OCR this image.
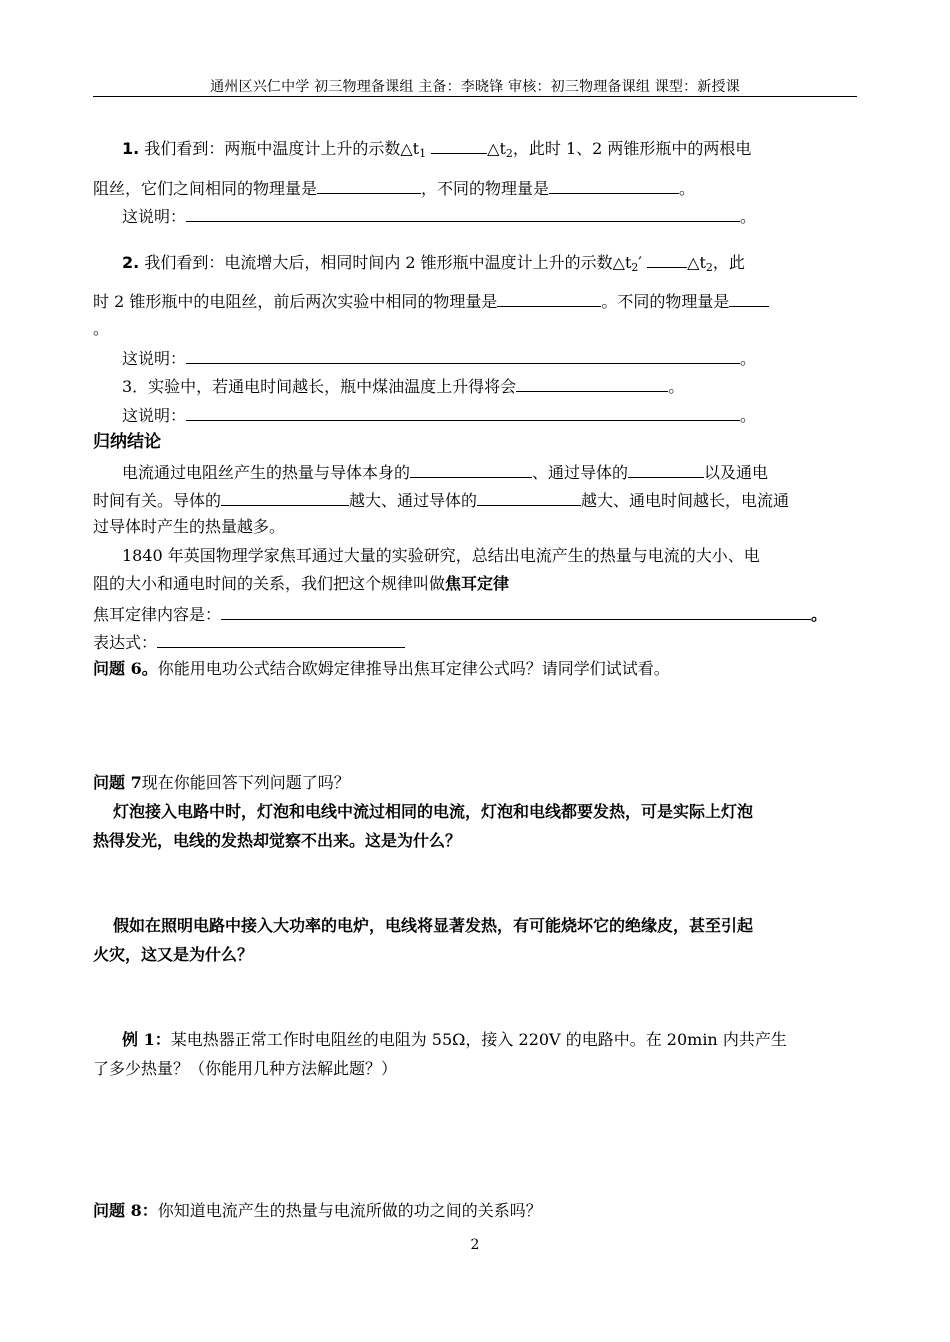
通州区兴仁中学 初三物理备课组 主备：李晓锋 审核：初三物理备课组 课型：新授课
1. 我们看到：两瓶中温度计上升的示数$\triangle t_1$	$\triangle t_2$，此时 1、2 两锥形瓶中的两根电
阻丝，它们之间相同的物理量是	，不同的物理量是	。
这说明：	。
2. 我们看到：电流增大后，相同时间内 2 锥形瓶中温度计上升的示数$\triangle t_2'$	$\triangle t_2$，此
时 2 锥形瓶中的电阻丝，前后两次实验中相同的物理量是	。不同的物理量是
。
这说明：	。
3．实验中，若通电时间越长，瓶中煤油温度上升得将会	。
这说明：	。
归纳结论
电流通过电阻丝产生的热量与导体本身的	、通过导体的	以及通电
时间有关。导体的	越大、通过导体的	越大、通电时间越长，电流通
过导体时产生的热量越多。
1840 年英国物理学家焦耳通过大量的实验研究，总结出电流产生的热量与电流的大小、电
阻的大小和通电时间的关系，我们把这个规律叫做焦耳定律
焦耳定律内容是：	。
表达式：
问题 6。你能用电功公式结合欧姆定律推导出焦耳定律公式吗？请同学们试试看。
问题 7现在你能回答下列问题了吗？
灯泡接入电路中时，灯泡和电线中流过相同的电流，灯泡和电线都要发热，可是实际上灯泡
热得发光，电线的发热却觉察不出来。这是为什么？
假如在照明电路中接入大功率的电炉，电线将显著发热，有可能烧坏它的绝缘皮，甚至引起
火灾，这又是为什么？
例 1：某电热器正常工作时电阻丝的电阻为 55Ω，接入 220V 的电路中。在 20min 内共产生
了多少热量？（你能用几种方法解此题？）
问题 8：你知道电流产生的热量与电流所做的功之间的关系吗？
2
